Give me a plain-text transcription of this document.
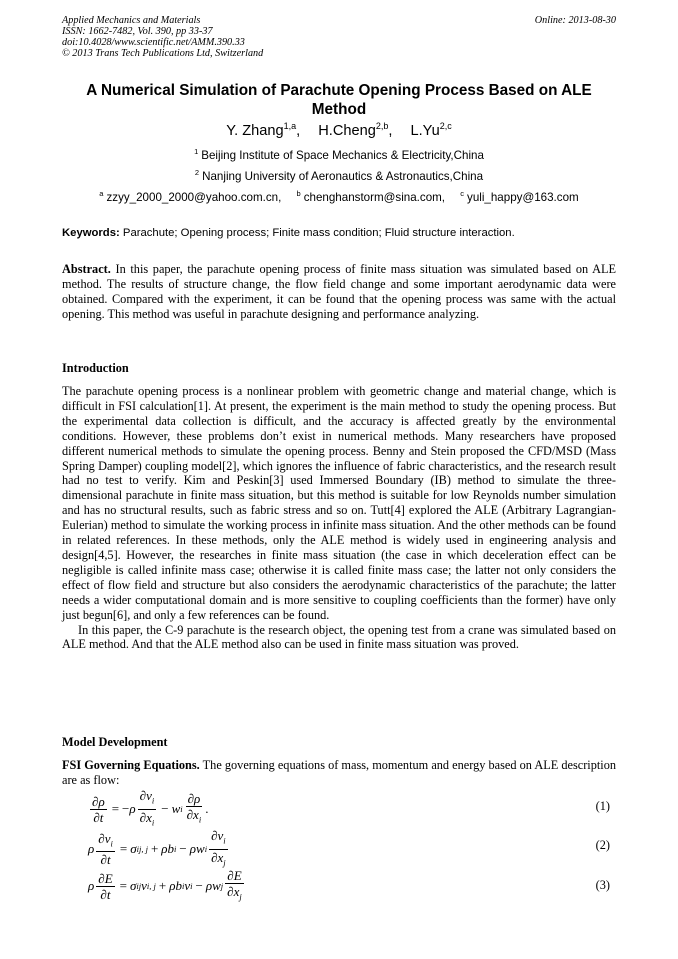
Applied Mechanics and Materials
ISSN: 1662-7482, Vol. 390, pp 33-37
doi:10.4028/www.scientific.net/AMM.390.33
© 2013 Trans Tech Publications Ltd, Switzerland
Online: 2013-08-30
A Numerical Simulation of Parachute Opening Process Based on ALE Method
Y. Zhang$^{1,a}$, H.Cheng$^{2,b}$, L.Yu$^{2,c}$
$^1$ Beijing Institute of Space Mechanics & Electricity,China
$^2$ Nanjing University of Aeronautics & Astronautics,China
$^a$ zzyy_2000_2000@yahoo.com.cn, $^b$ chenghanstorm@sina.com, $^c$ yuli_happy@163.com
Keywords: Parachute; Opening process; Finite mass condition; Fluid structure interaction.

Abstract. In this paper, the parachute opening process of finite mass situation was simulated based on ALE method. The results of structure change, the flow field change and some important aerodynamic data were obtained. Compared with the experiment, it can be found that the opening process was same with the actual opening. This method was useful in parachute designing and performance analyzing.

Introduction

The parachute opening process is a nonlinear problem with geometric change and material change, which is difficult in FSI calculation[1]. At present, the experiment is the main method to study the opening process. But the experimental data collection is difficult, and the accuracy is affected greatly by the environmental conditions. However, these problems don’t exist in numerical methods. Many researchers have proposed different numerical methods to simulate the opening process. Benny and Stein proposed the CFD/MSD (Mass Spring Damper) coupling model[2], which ignores the influence of fabric characteristics, and the research result had no test to verify. Kim and Peskin[3] used Immersed Boundary (IB) method to simulate the three-dimensional parachute in finite mass situation, but this method is suitable for low Reynolds number simulation and has no structural results, such as fabric stress and so on. Tutt[4] explored the ALE (Arbitrary Lagrangian-Eulerian) method to simulate the working process in infinite mass situation. And the other methods can be found in related references. In these methods, only the ALE method is widely used in engineering analysis and design[4,5]. However, the researches in finite mass situation (the case in which deceleration effect can be negligible is called infinite mass case; otherwise it is called finite mass case; the latter not only considers the effect of flow field and structure but also considers the aerodynamic characteristics of the parachute; the latter needs a wider computational domain and is more sensitive to coupling coefficients than the former) have only just begun[6], and only a few references can be found.

In this paper, the C-9 parachute is the research object, the opening test from a crane was simulated based on ALE method. And that the ALE method also can be used in finite mass situation was proved.

Model Development

FSI Governing Equations. The governing equations of mass, momentum and energy based on ALE description are as flow:

$\frac{\partial\rho}{\partial t}$ = − ρ $\frac{\partial v_i}{\partial x_i} - w$ i $\frac{\partial\rho}{\partial x_i}$ .	(1)
ρ $\frac{\partial v_i}{\partial t} = \sigma$ ij, j + ρb i − ρw i $\frac{\partial v_i}{\partial x_j}$	(2)
ρ $\frac{\partial E}{\partial t} = \sigma$ ij v i, j + ρb i v i − ρw j $\frac{\partial E}{\partial x_j}$	(3)
